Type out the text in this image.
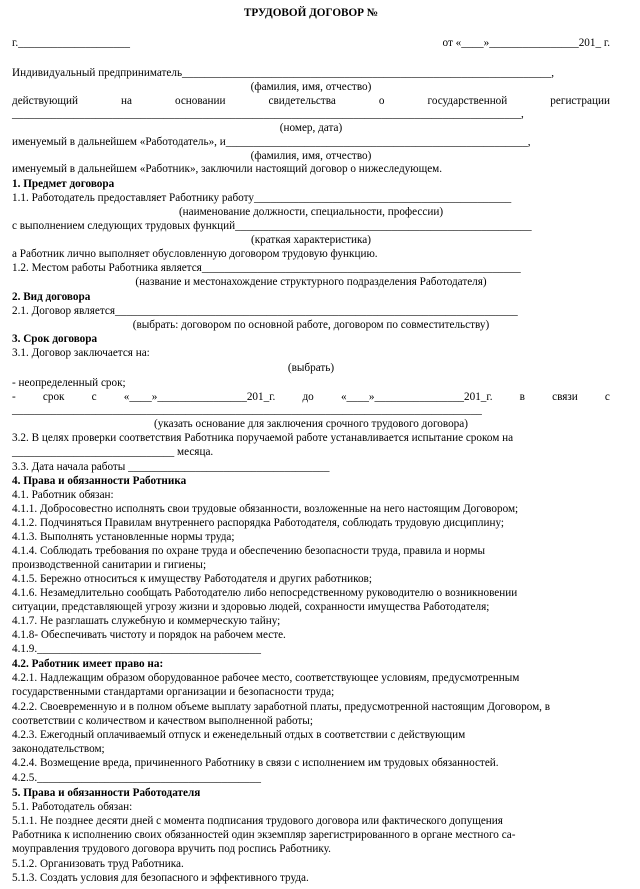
ТРУДОВОЙ ДОГОВОР №
г.____________________	от «____»________________201_ г.
Индивидуальный предприниматель__________________________________________________________________,
(фамилия, имя, отчество)
действующий	на	основании	свидетельства	о	государственной	регистрации
___________________________________________________________________________________________,
(номер, дата)
именуемый в дальнейшем «Работодатель», и______________________________________________________,
(фамилия, имя, отчество)
именуемый в дальнейшем «Работник», заключили настоящий договор о нижеследующем.
1. Предмет договора
1.1. Работодатель предоставляет Работнику работу______________________________________________
(наименование должности, специальности, профессии)
с выполнением следующих трудовых функций_____________________________________________________
(краткая характеристика)
а Работник лично выполняет обусловленную договором трудовую функцию.
1.2. Местом работы Работника является_________________________________________________________
(название и местонахождение структурного подразделения Работодателя)
2. Вид договора
2.1. Договор является________________________________________________________________________
(выбрать: договором по основной работе, договором по совместительству)
3. Срок договора
3.1. Договор заключается на:
(выбрать)
- неопределенный срок;
- срок с «____»________________201_г. до «____»________________201_г. в связи с
____________________________________________________________________________________
(указать основание для заключения срочного трудового договора)
3.2. В целях проверки соответствия Работника поручаемой работе устанавливается испытание сроком на
_____________________________ месяца.
3.3. Дата начала работы ____________________________________
4. Права и обязанности Работника
4.1. Работник обязан:
4.1.1. Добросовестно исполнять свои трудовые обязанности, возложенные на него настоящим Договором;
4.1.2. Подчиняться Правилам внутреннего распорядка Работодателя, соблюдать трудовую дисциплину;
4.1.3. Выполнять установленные нормы труда;
4.1.4. Соблюдать требования по охране труда и обеспечению безопасности труда, правила и нормы
производственной санитарии и гигиены;
4.1.5. Бережно относиться к имуществу Работодателя и других работников;
4.1.6. Незамедлительно сообщать Работодателю либо непосредственному руководителю о возникновении
ситуации, представляющей угрозу жизни и здоровью людей, сохранности имущества Работодателя;
4.1.7. Не разглашать служебную и коммерческую тайну;
4.1.8- Обеспечивать чистоту и порядок на рабочем месте.
4.1.9.________________________________________
4.2. Работник имеет право на:
4.2.1. Надлежащим образом оборудованное рабочее место, соответствующее условиям, предусмотренным
государственными стандартами организации и безопасности труда;
4.2.2. Своевременную и в полном объеме выплату заработной платы, предусмотренной настоящим Договором, в
соответствии с количеством и качеством выполненной работы;
4.2.3. Ежегодный оплачиваемый отпуск и еженедельный отдых в соответствии с действующим
законодательством;
4.2.4. Возмещение вреда, причиненного Работнику в связи с исполнением им трудовых обязанностей.
4.2.5.________________________________________
5. Права и обязанности Работодателя
5.1. Работодатель обязан:
5.1.1. Не позднее десяти дней с момента подписания трудового договора или фактического допущения
Работника к исполнению своих обязанностей один экземпляр зарегистрированного в органе местного са-
моуправления трудового договора вручить под роспись Работнику.
5.1.2. Организовать труд Работника.
5.1.3. Создать условия для безопасного и эффективного труда.
